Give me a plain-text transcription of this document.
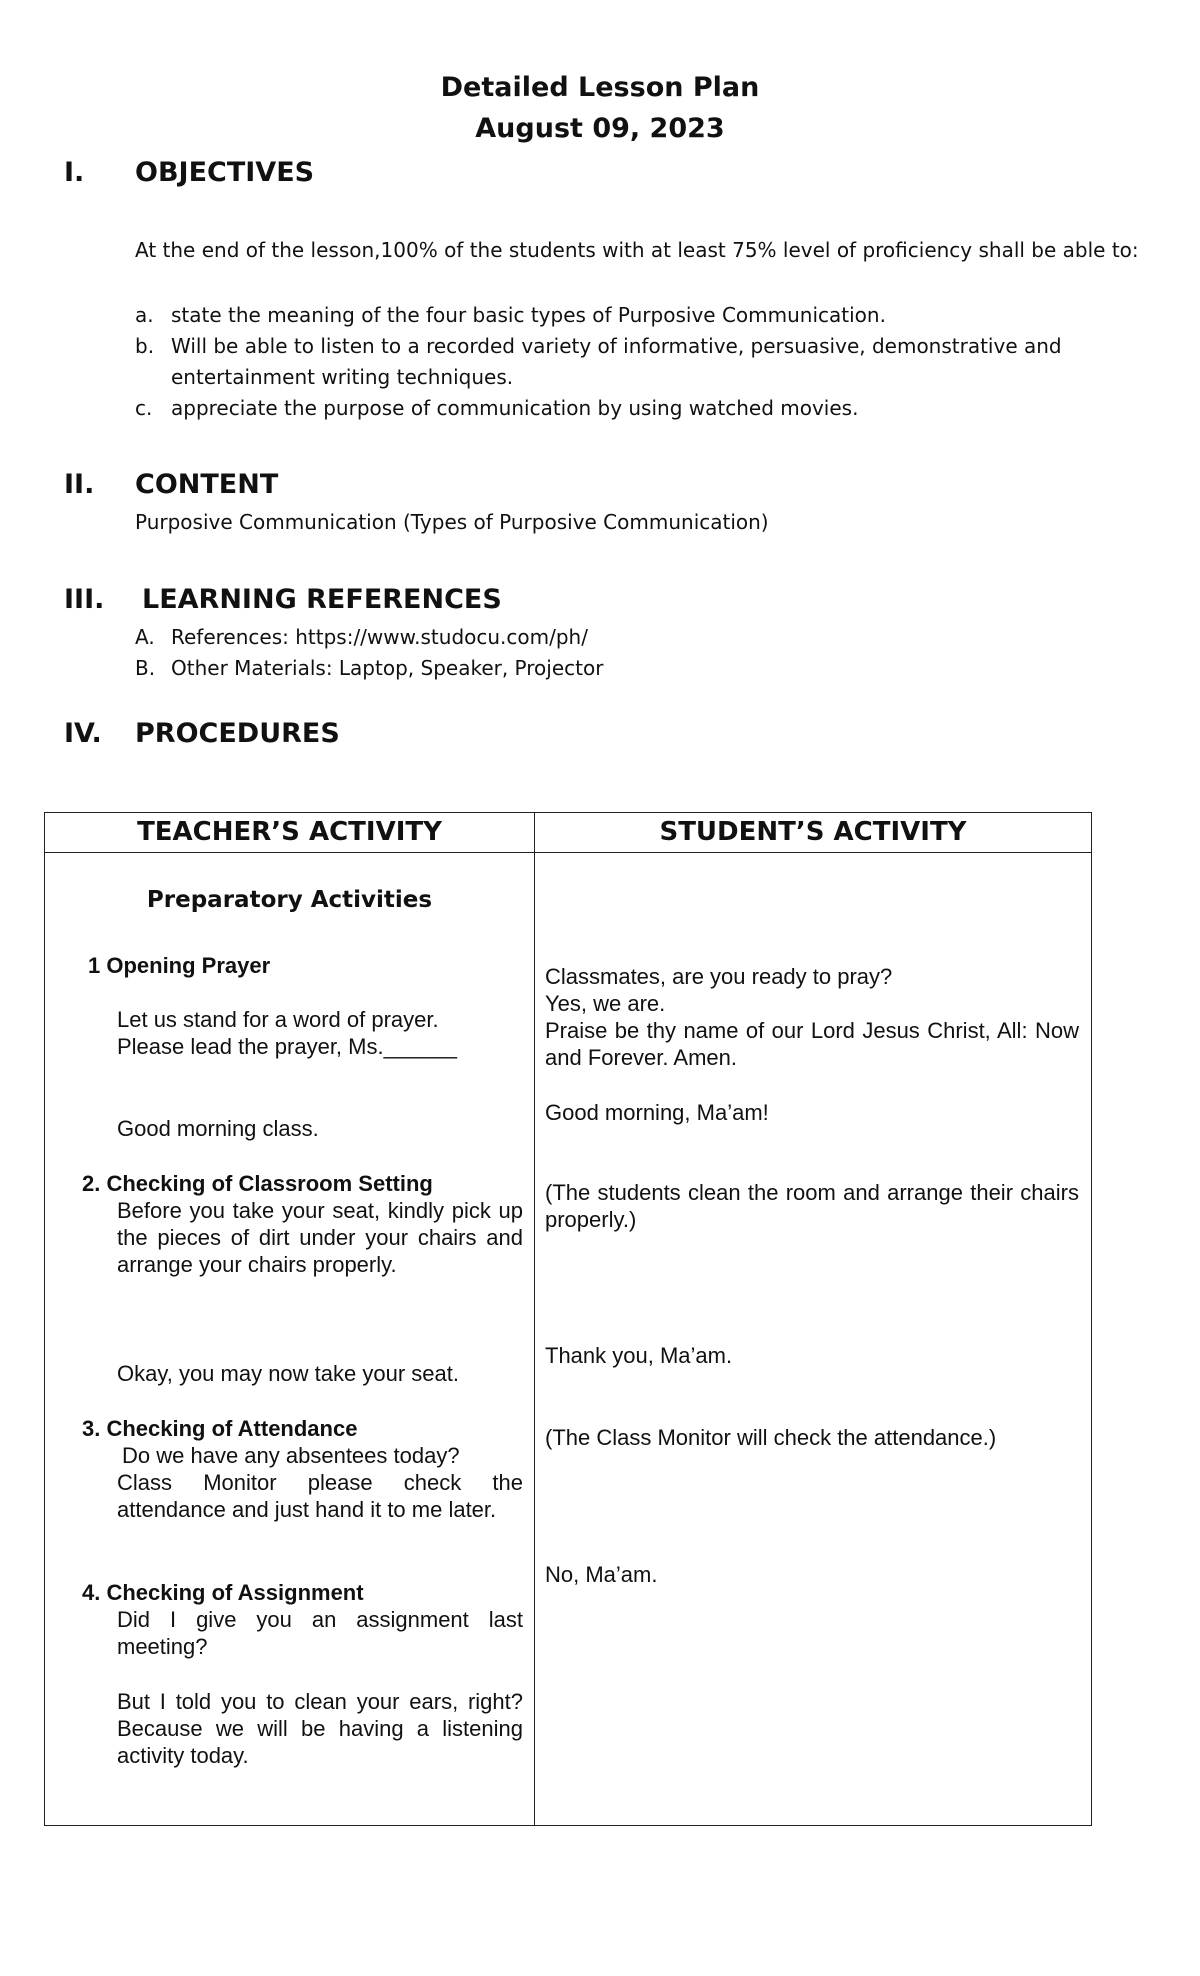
Detailed Lesson Plan
August 09, 2023
I. OBJECTIVES
At the end of the lesson,100% of the students with at least 75% level of proficiency shall be able to:
a. state the meaning of the four basic types of Purposive Communication.
b. Will be able to listen to a recorded variety of informative, persuasive, demonstrative and entertainment writing techniques.
c. appreciate the purpose of communication by using watched movies.
II. CONTENT
Purposive Communication (Types of Purposive Communication)
III. LEARNING REFERENCES
A. References: https://www.studocu.com/ph/
B. Other Materials: Laptop, Speaker, Projector
IV. PROCEDURES
TEACHER’S ACTIVITY	STUDENT’S ACTIVITY
Preparatory Activities
1 Opening Prayer
Let us stand for a word of prayer.
Please lead the prayer, Ms.______
Good morning class.
2. Checking of Classroom Setting
Before you take your seat, kindly pick up the pieces of dirt under your chairs and arrange your chairs properly.
Okay, you may now take your seat.
3. Checking of Attendance
Do we have any absentees today?
Class Monitor please check the attendance and just hand it to me later.
4. Checking of Assignment
Did I give you an assignment last meeting?
But I told you to clean your ears, right? Because we will be having a listening activity today.
Classmates, are you ready to pray?
Yes, we are.
Praise be thy name of our Lord Jesus Christ, All: Now and Forever. Amen.
Good morning, Ma’am!
(The students clean the room and arrange their chairs properly.)
Thank you, Ma’am.
(The Class Monitor will check the attendance.)
No, Ma’am.
